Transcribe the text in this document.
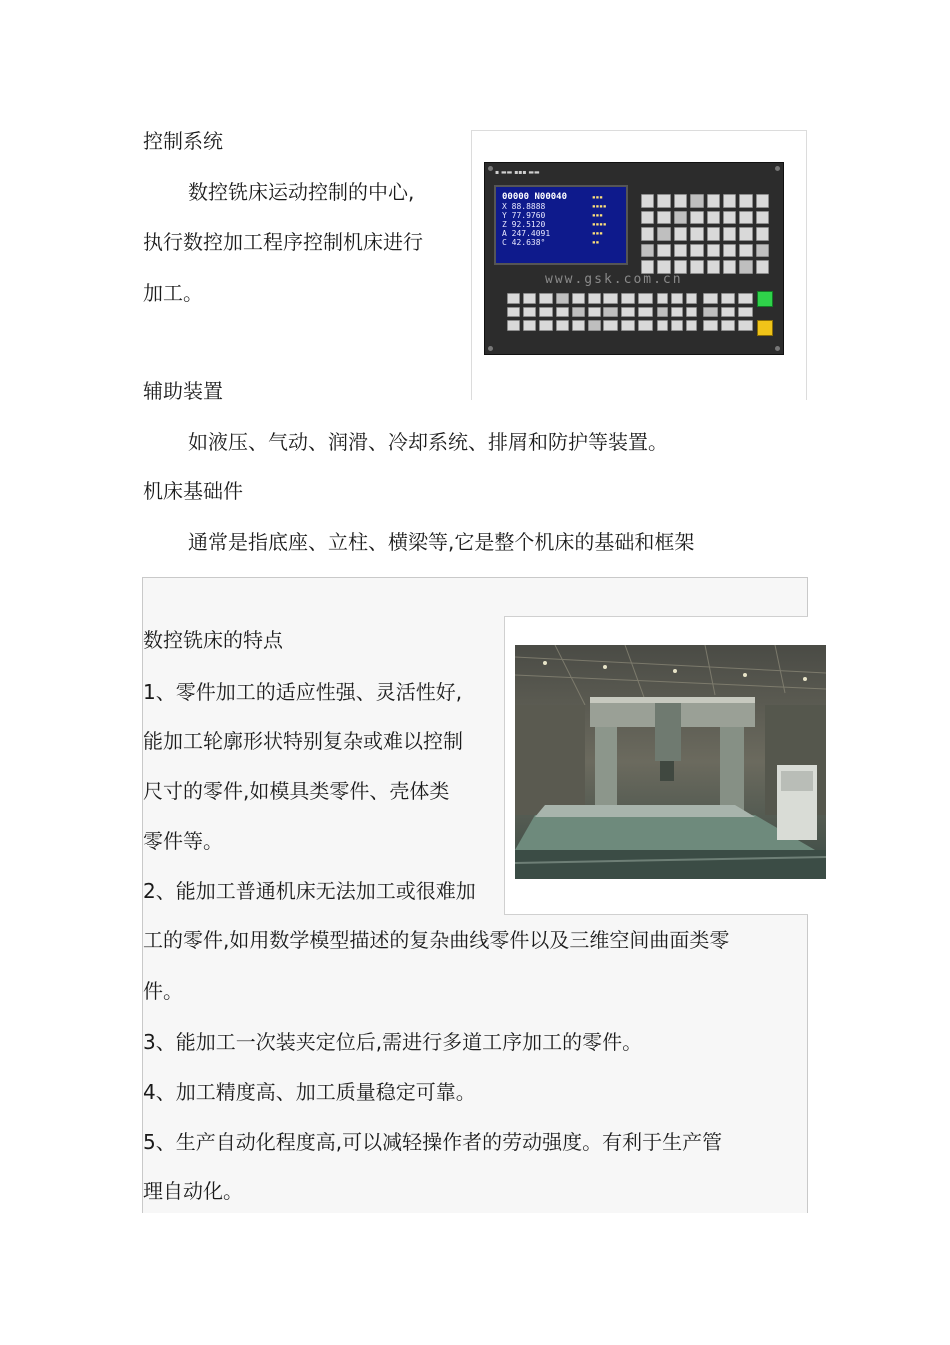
控制系统

数控铣床运动控制的中心,

执行数控加工程序控制机床进行

加工。

▪ ▬▬ ▪▪▪ ▬▬
00000 N00040
X 88.8888
Y 77.9760
Z 92.5120
A 247.4091
C 42.638°
▪▪▪
▪▪▪▪
▪▪▪
▪▪▪▪
▪▪▪
▪▪
www.gsk.com.cn

辅助装置

如液压、气动、润滑、冷却系统、排屑和防护等装置。

机床基础件

通常是指底座、立柱、横梁等,它是整个机床的基础和框架

数控铣床的特点

1、零件加工的适应性强、灵活性好,

能加工轮廓形状特别复杂或难以控制

尺寸的零件,如模具类零件、壳体类

零件等。

2、能加工普通机床无法加工或很难加

工的零件,如用数学模型描述的复杂曲线零件以及三维空间曲面类零

件。

3、能加工一次装夹定位后,需进行多道工序加工的零件。

4、加工精度高、加工质量稳定可靠。

5、生产自动化程度高,可以减轻操作者的劳动强度。有利于生产管

理自动化。
